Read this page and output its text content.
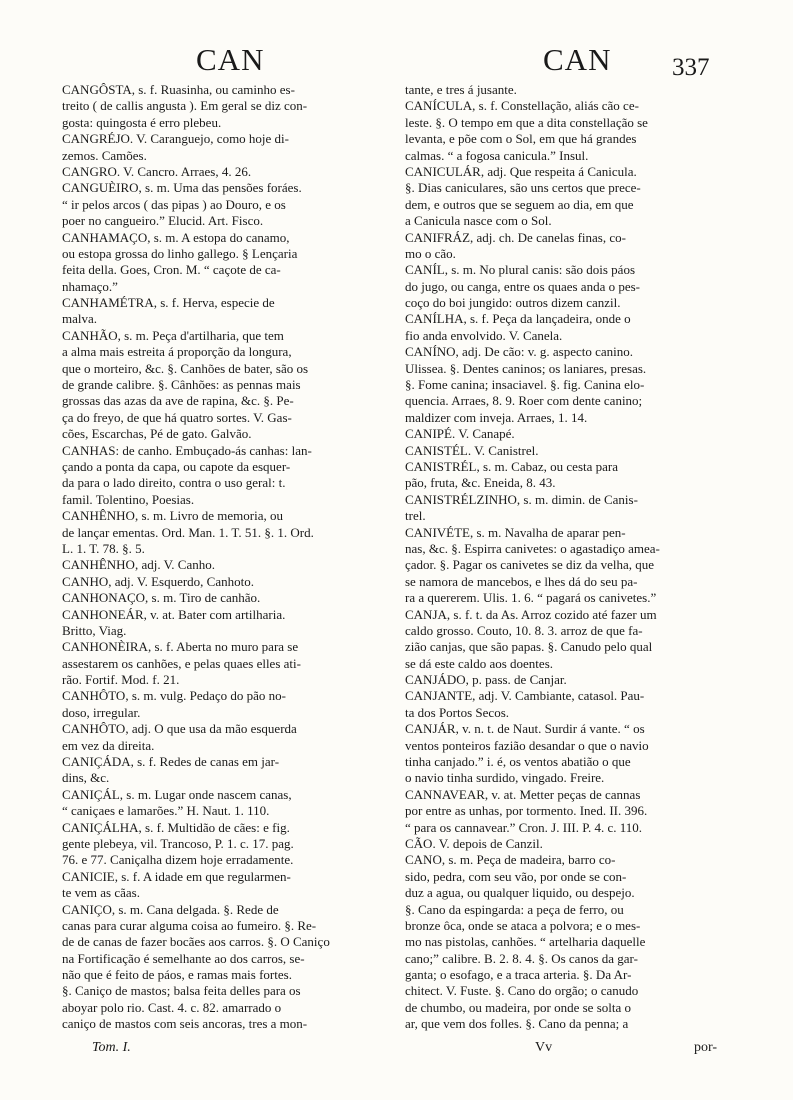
CAN	CAN 337
CANGÔSTA, s. f. Ruasinha, ou caminho es-
treito ( de callis angusta ). Em geral se diz con-
gosta: quingosta é erro plebeu.
CANGRÉJO. V. Caranguejo, como hoje di-
zemos. Camões.
CANGRO. V. Cancro. Arraes, 4. 26.
CANGUÈIRO, s. m. Uma das pensões foráes.
“ ir pelos arcos ( das pipas ) ao Douro, e os
poer no cangueiro.” Elucid. Art. Fisco.
CANHAMAÇO, s. m. A estopa do canamo,
ou estopa grossa do linho gallego. § Lençaria
feita della. Goes, Cron. M. “ caçote de ca-
nhamaço.”
CANHAMÉTRA, s. f. Herva, especie de
malva.
CANHÃO, s. m. Peça d'artilharia, que tem
a alma mais estreita á proporção da longura,
que o morteiro, &c. §. Canhões de bater, são os
de grande calibre. §. Cânhões: as pennas mais
grossas das azas da ave de rapina, &c. §. Pe-
ça do freyo, de que há quatro sortes. V. Gas-
cões, Escarchas, Pé de gato. Galvão.
CANHAS: de canho. Embuçado-ás canhas: lan-
çando a ponta da capa, ou capote da esquer-
da para o lado direito, contra o uso geral: t.
famil. Tolentino, Poesias.
CANHÊNHO, s. m. Livro de memoria, ou
de lançar ementas. Ord. Man. 1. T. 51. §. 1. Ord.
L. 1. T. 78. §. 5.
CANHÊNHO, adj. V. Canho.
CANHO, adj. V. Esquerdo, Canhoto.
CANHONAÇO, s. m. Tiro de canhão.
CANHONEÁR, v. at. Bater com artilharia.
Britto, Viag.
CANHONÈIRA, s. f. Aberta no muro para se
assestarem os canhões, e pelas quaes elles ati-
rão. Fortif. Mod. f. 21.
CANHÔTO, s. m. vulg. Pedaço do pão no-
doso, irregular.
CANHÔTO, adj. O que usa da mão esquerda
em vez da direita.
CANIÇÁDA, s. f. Redes de canas em jar-
dins, &c.
CANIÇÁL, s. m. Lugar onde nascem canas,
“ caniçaes e lamarões.” H. Naut. 1. 110.
CANIÇÁLHA, s. f. Multidão de cães: e fig.
gente plebeya, vil. Trancoso, P. 1. c. 17. pag.
76. e 77. Caniçalha dizem hoje erradamente.
CANICIE, s. f. A idade em que regularmen-
te vem as cãas.
CANIÇO, s. m. Cana delgada. §. Rede de
canas para curar alguma coisa ao fumeiro. §. Re-
de de canas de fazer bocães aos carros. §. O Caniço
na Fortificação é semelhante ao dos carros, se-
não que é feito de páos, e ramas mais fortes.
§. Caniço de mastos; balsa feita delles para os
aboyar polo rio. Cast. 4. c. 82. amarrado o
caniço de mastos com seis ancoras, tres a mon-
tante, e tres á jusante.
CANÍCULA, s. f. Constellação, aliás cão ce-
leste. §. O tempo em que a dita constellação se
levanta, e põe com o Sol, em que há grandes
calmas. “ a fogosa canicula.” Insul.
CANICULÁR, adj. Que respeita á Canicula.
§. Dias caniculares, são uns certos que prece-
dem, e outros que se seguem ao dia, em que
a Canicula nasce com o Sol.
CANIFRÁZ, adj. ch. De canelas finas, co-
mo o cão.
CANÍL, s. m. No plural canis: são dois páos
do jugo, ou canga, entre os quaes anda o pes-
coço do boi jungido: outros dizem canzil.
CANÍLHA, s. f. Peça da lançadeira, onde o
fio anda envolvido. V. Canela.
CANÍNO, adj. De cão: v. g. aspecto canino.
Ulissea. §. Dentes caninos; os laniares, presas.
§. Fome canina; insaciavel. §. fig. Canina elo-
quencia. Arraes, 8. 9. Roer com dente canino;
maldizer com inveja. Arraes, 1. 14.
CANIPÉ. V. Canapé.
CANISTÉL. V. Canistrel.
CANISTRÉL, s. m. Cabaz, ou cesta para
pão, fruta, &c. Eneida, 8. 43.
CANISTRÉLZINHO, s. m. dimin. de Canis-
trel.
CANIVÉTE, s. m. Navalha de aparar pen-
nas, &c. §. Espirra canivetes: o agastadiço amea-
çador. §. Pagar os canivetes se diz da velha, que
se namora de mancebos, e lhes dá do seu pa-
ra a quererem. Ulis. 1. 6. “ pagará os canivetes.”
CANJA, s. f. t. da As. Arroz cozido até fazer um
caldo grosso. Couto, 10. 8. 3. arroz de que fa-
zião canjas, que são papas. §. Canudo pelo qual
se dá este caldo aos doentes.
CANJÁDO, p. pass. de Canjar.
CANJANTE, adj. V. Cambiante, catasol. Pau-
ta dos Portos Secos.
CANJÁR, v. n. t. de Naut. Surdir á vante. “ os
ventos ponteiros fazião desandar o que o navio
tinha canjado.” i. é, os ventos abatião o que
o navio tinha surdido, vingado. Freire.
CANNAVEAR, v. at. Metter peças de cannas
por entre as unhas, por tormento. Ined. II. 396.
“ para os cannavear.” Cron. J. III. P. 4. c. 110.
CÃO. V. depois de Canzil.
CANO, s. m. Peça de madeira, barro co-
sido, pedra, com seu vão, por onde se con-
duz a agua, ou qualquer liquido, ou despejo.
§. Cano da espingarda: a peça de ferro, ou
bronze ôca, onde se ataca a polvora; e o mes-
mo nas pistolas, canhões. “ artelharia daquelle
cano;” calibre. B. 2. 8. 4. §. Os canos da gar-
ganta; o esofago, e a traca arteria. §. Da Ar-
chitect. V. Fuste. §. Cano do orgão; o canudo
de chumbo, ou madeira, por onde se solta o
ar, que vem dos folles. §. Cano da penna; a
Tom. I.	Vv	por-
